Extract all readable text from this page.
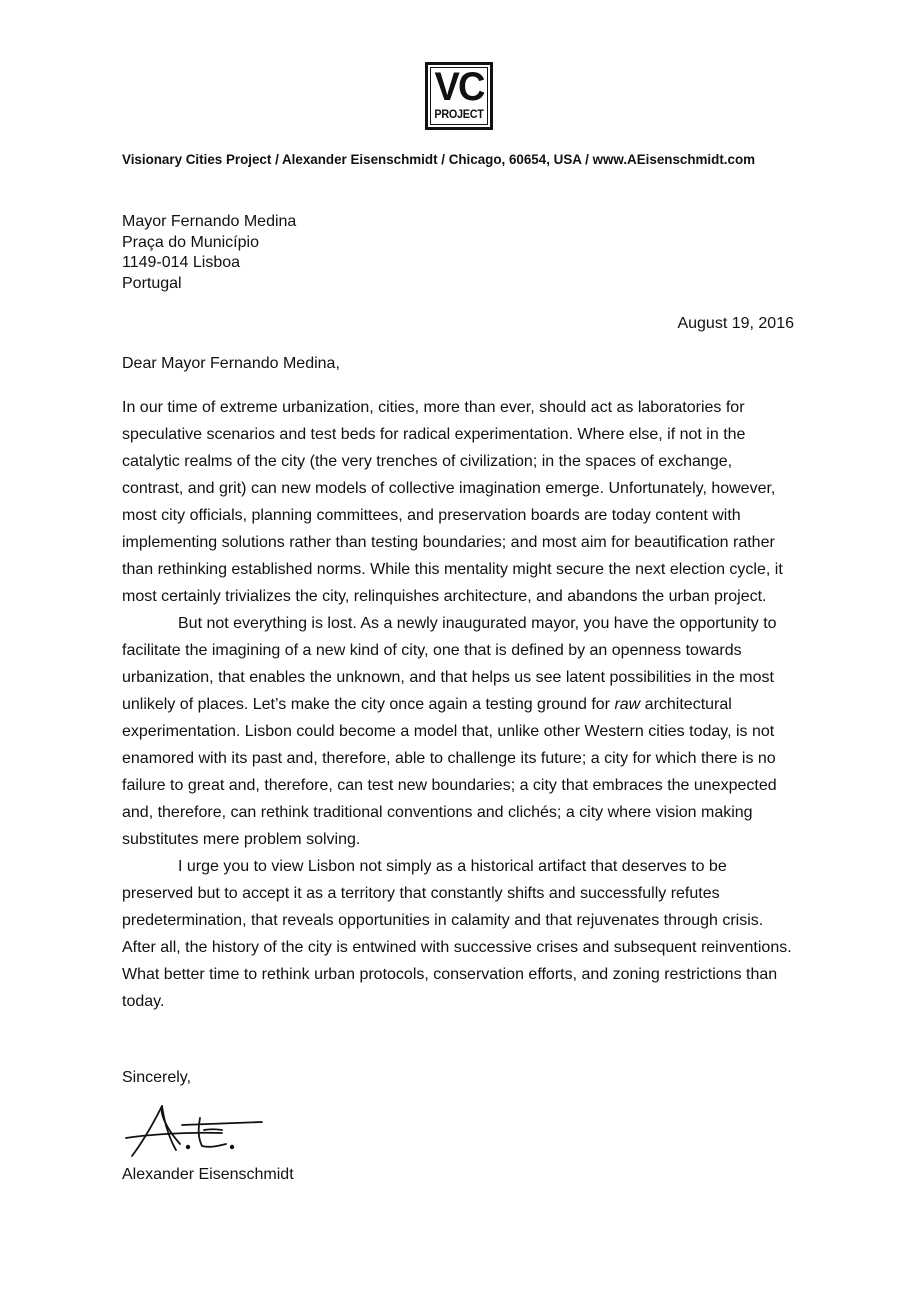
VC
PROJECT
Visionary Cities Project / Alexander Eisenschmidt / Chicago, 60654, USA / www.AEisenschmidt.com
Mayor Fernando Medina
Praça do Município
1149-014 Lisboa
Portugal
August 19, 2016
Dear Mayor Fernando Medina,

In our time of extreme urbanization, cities, more than ever, should act as laboratories for speculative scenarios and test beds for radical experimentation. Where else, if not in the catalytic realms of the city (the very trenches of civilization; in the spaces of exchange, contrast, and grit) can new models of collective imagination emerge. Unfortunately, however, most city officials, planning committees, and preservation boards are today content with implementing solutions rather than testing boundaries; and most aim for beautification rather than rethinking established norms. While this mentality might secure the next election cycle, it most certainly trivializes the city, relinquishes architecture, and abandons the urban project.

But not everything is lost. As a newly inaugurated mayor, you have the opportunity to facilitate the imagining of a new kind of city, one that is defined by an openness towards urbanization, that enables the unknown, and that helps us see latent possibilities in the most unlikely of places. Let’s make the city once again a testing ground for raw architectural experimentation. Lisbon could become a model that, unlike other Western cities today, is not enamored with its past and, therefore, able to challenge its future; a city for which there is no failure to great and, therefore, can test new boundaries; a city that embraces the unexpected and, therefore, can rethink traditional conventions and clichés; a city where vision making substitutes mere problem solving.

I urge you to view Lisbon not simply as a historical artifact that deserves to be preserved but to accept it as a territory that constantly shifts and successfully refutes predetermination, that reveals opportunities in calamity and that rejuvenates through crisis. After all, the history of the city is entwined with successive crises and subsequent reinventions. What better time to rethink urban protocols, conservation efforts, and zoning restrictions than today.

Sincerely,
Alexander Eisenschmidt
